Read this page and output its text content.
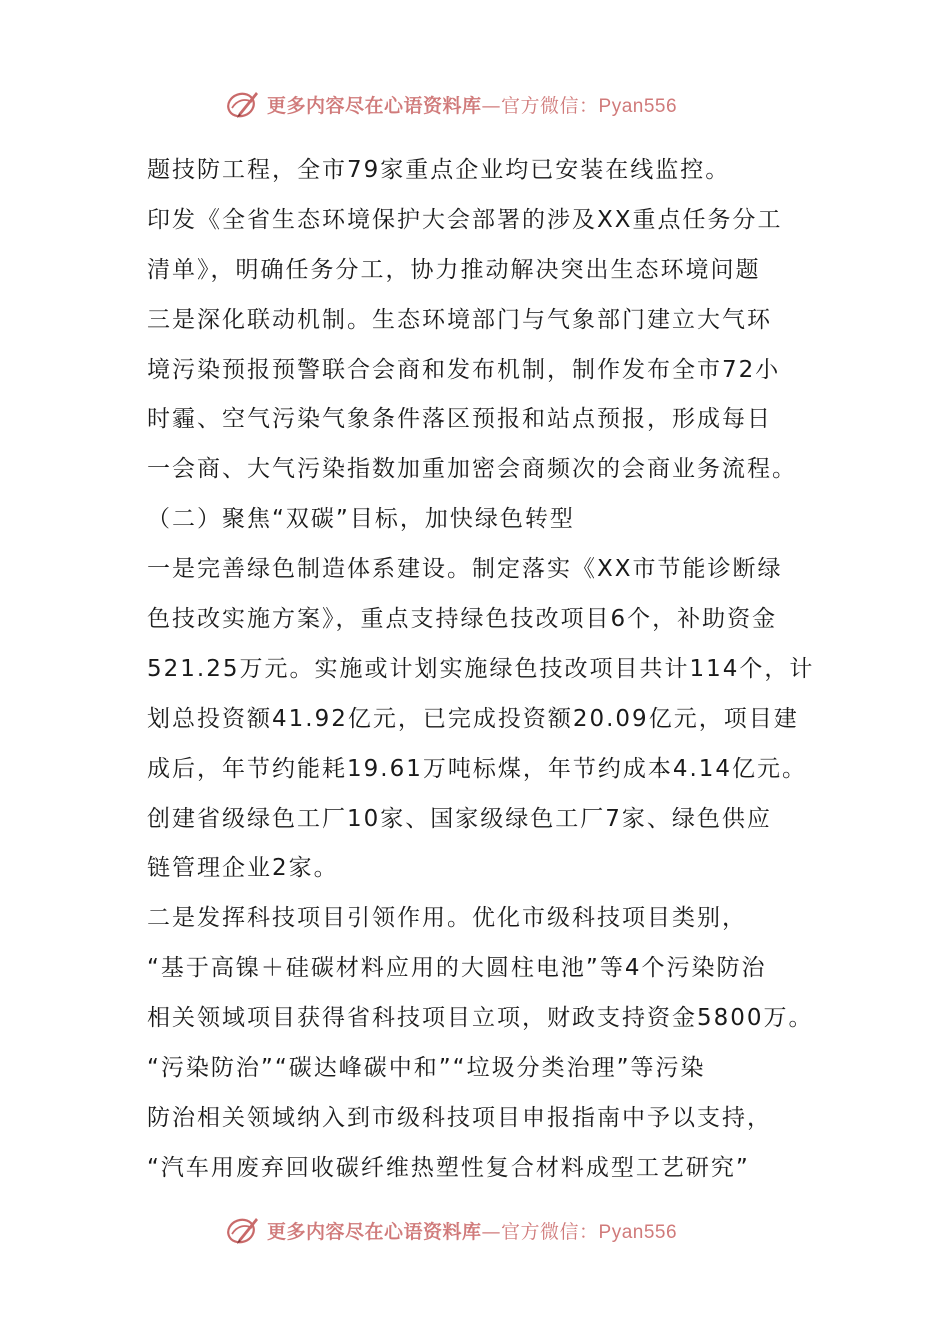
更多内容尽在心语资料库—官方微信：Pyan556
题技防工程，全市79家重点企业均已安装在线监控。
印发《全省生态环境保护大会部署的涉及XX重点任务分工
清单》，明确任务分工，协力推动解决突出生态环境问题
三是深化联动机制。生态环境部门与气象部门建立大气环
境污染预报预警联合会商和发布机制，制作发布全市72小
时霾、空气污染气象条件落区预报和站点预报，形成每日
一会商、大气污染指数加重加密会商频次的会商业务流程。
（二）聚焦“双碳”目标，加快绿色转型
一是完善绿色制造体系建设。制定落实《XX市节能诊断绿
色技改实施方案》，重点支持绿色技改项目6个，补助资金
521.25万元。实施或计划实施绿色技改项目共计114个，计
划总投资额41.92亿元，已完成投资额20.09亿元，项目建
成后，年节约能耗19.61万吨标煤，年节约成本4.14亿元。
创建省级绿色工厂10家、国家级绿色工厂7家、绿色供应
链管理企业2家。
二是发挥科技项目引领作用。优化市级科技项目类别，
“基于高镍＋硅碳材料应用的大圆柱电池”等4个污染防治
相关领域项目获得省科技项目立项，财政支持资金5800万。
“污染防治”“碳达峰碳中和”“垃圾分类治理”等污染
防治相关领域纳入到市级科技项目申报指南中予以支持，
“汽车用废弃回收碳纤维热塑性复合材料成型工艺研究”
更多内容尽在心语资料库—官方微信：Pyan556
